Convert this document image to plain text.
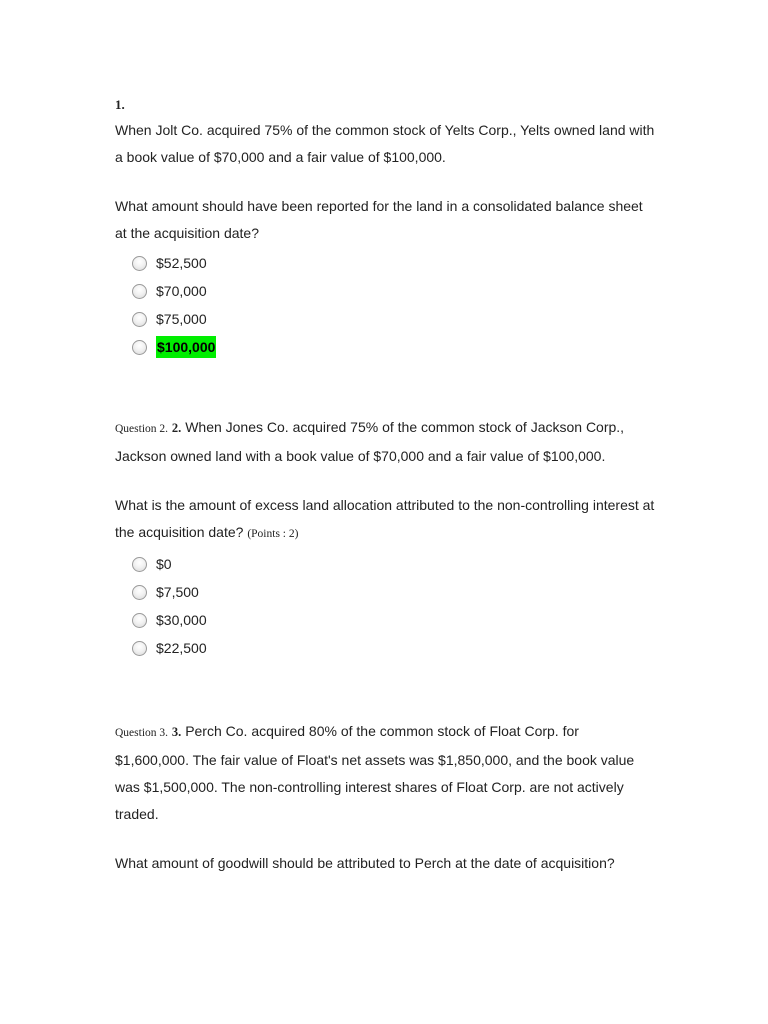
1.

When Jolt Co. acquired 75% of the common stock of Yelts Corp., Yelts owned land with a book value of $70,000 and a fair value of $100,000.

What amount should have been reported for the land in a consolidated balance sheet at the acquisition date?

$52,500
$70,000
$75,000
$100,000

Question 2. 2. When Jones Co. acquired 75% of the common stock of Jackson Corp., Jackson owned land with a book value of $70,000 and a fair value of $100,000.

What is the amount of excess land allocation attributed to the non-controlling interest at the acquisition date? (Points : 2)

$0
$7,500
$30,000
$22,500

Question 3. 3. Perch Co. acquired 80% of the common stock of Float Corp. for $1,600,000. The fair value of Float's net assets was $1,850,000, and the book value was $1,500,000. The non-controlling interest shares of Float Corp. are not actively traded.

What amount of goodwill should be attributed to Perch at the date of acquisition?
